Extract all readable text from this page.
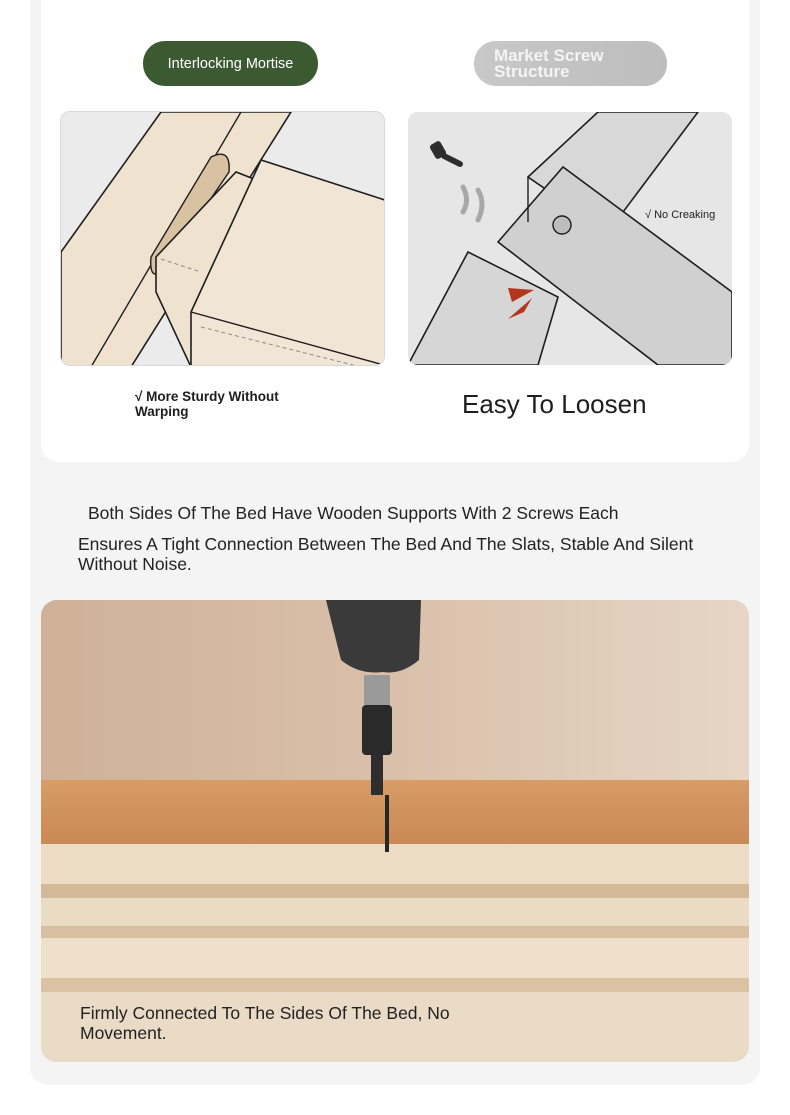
Interlocking Mortise	Market Screw Structure
√ No Creaking
√ More Sturdy Without Warping	Easy To Loosen
Both Sides Of The Bed Have Wooden Supports With 2 Screws Each
Ensures A Tight Connection Between The Bed And The Slats, Stable And Silent Without Noise.
Firmly Connected To The Sides Of The Bed, No Movement.
